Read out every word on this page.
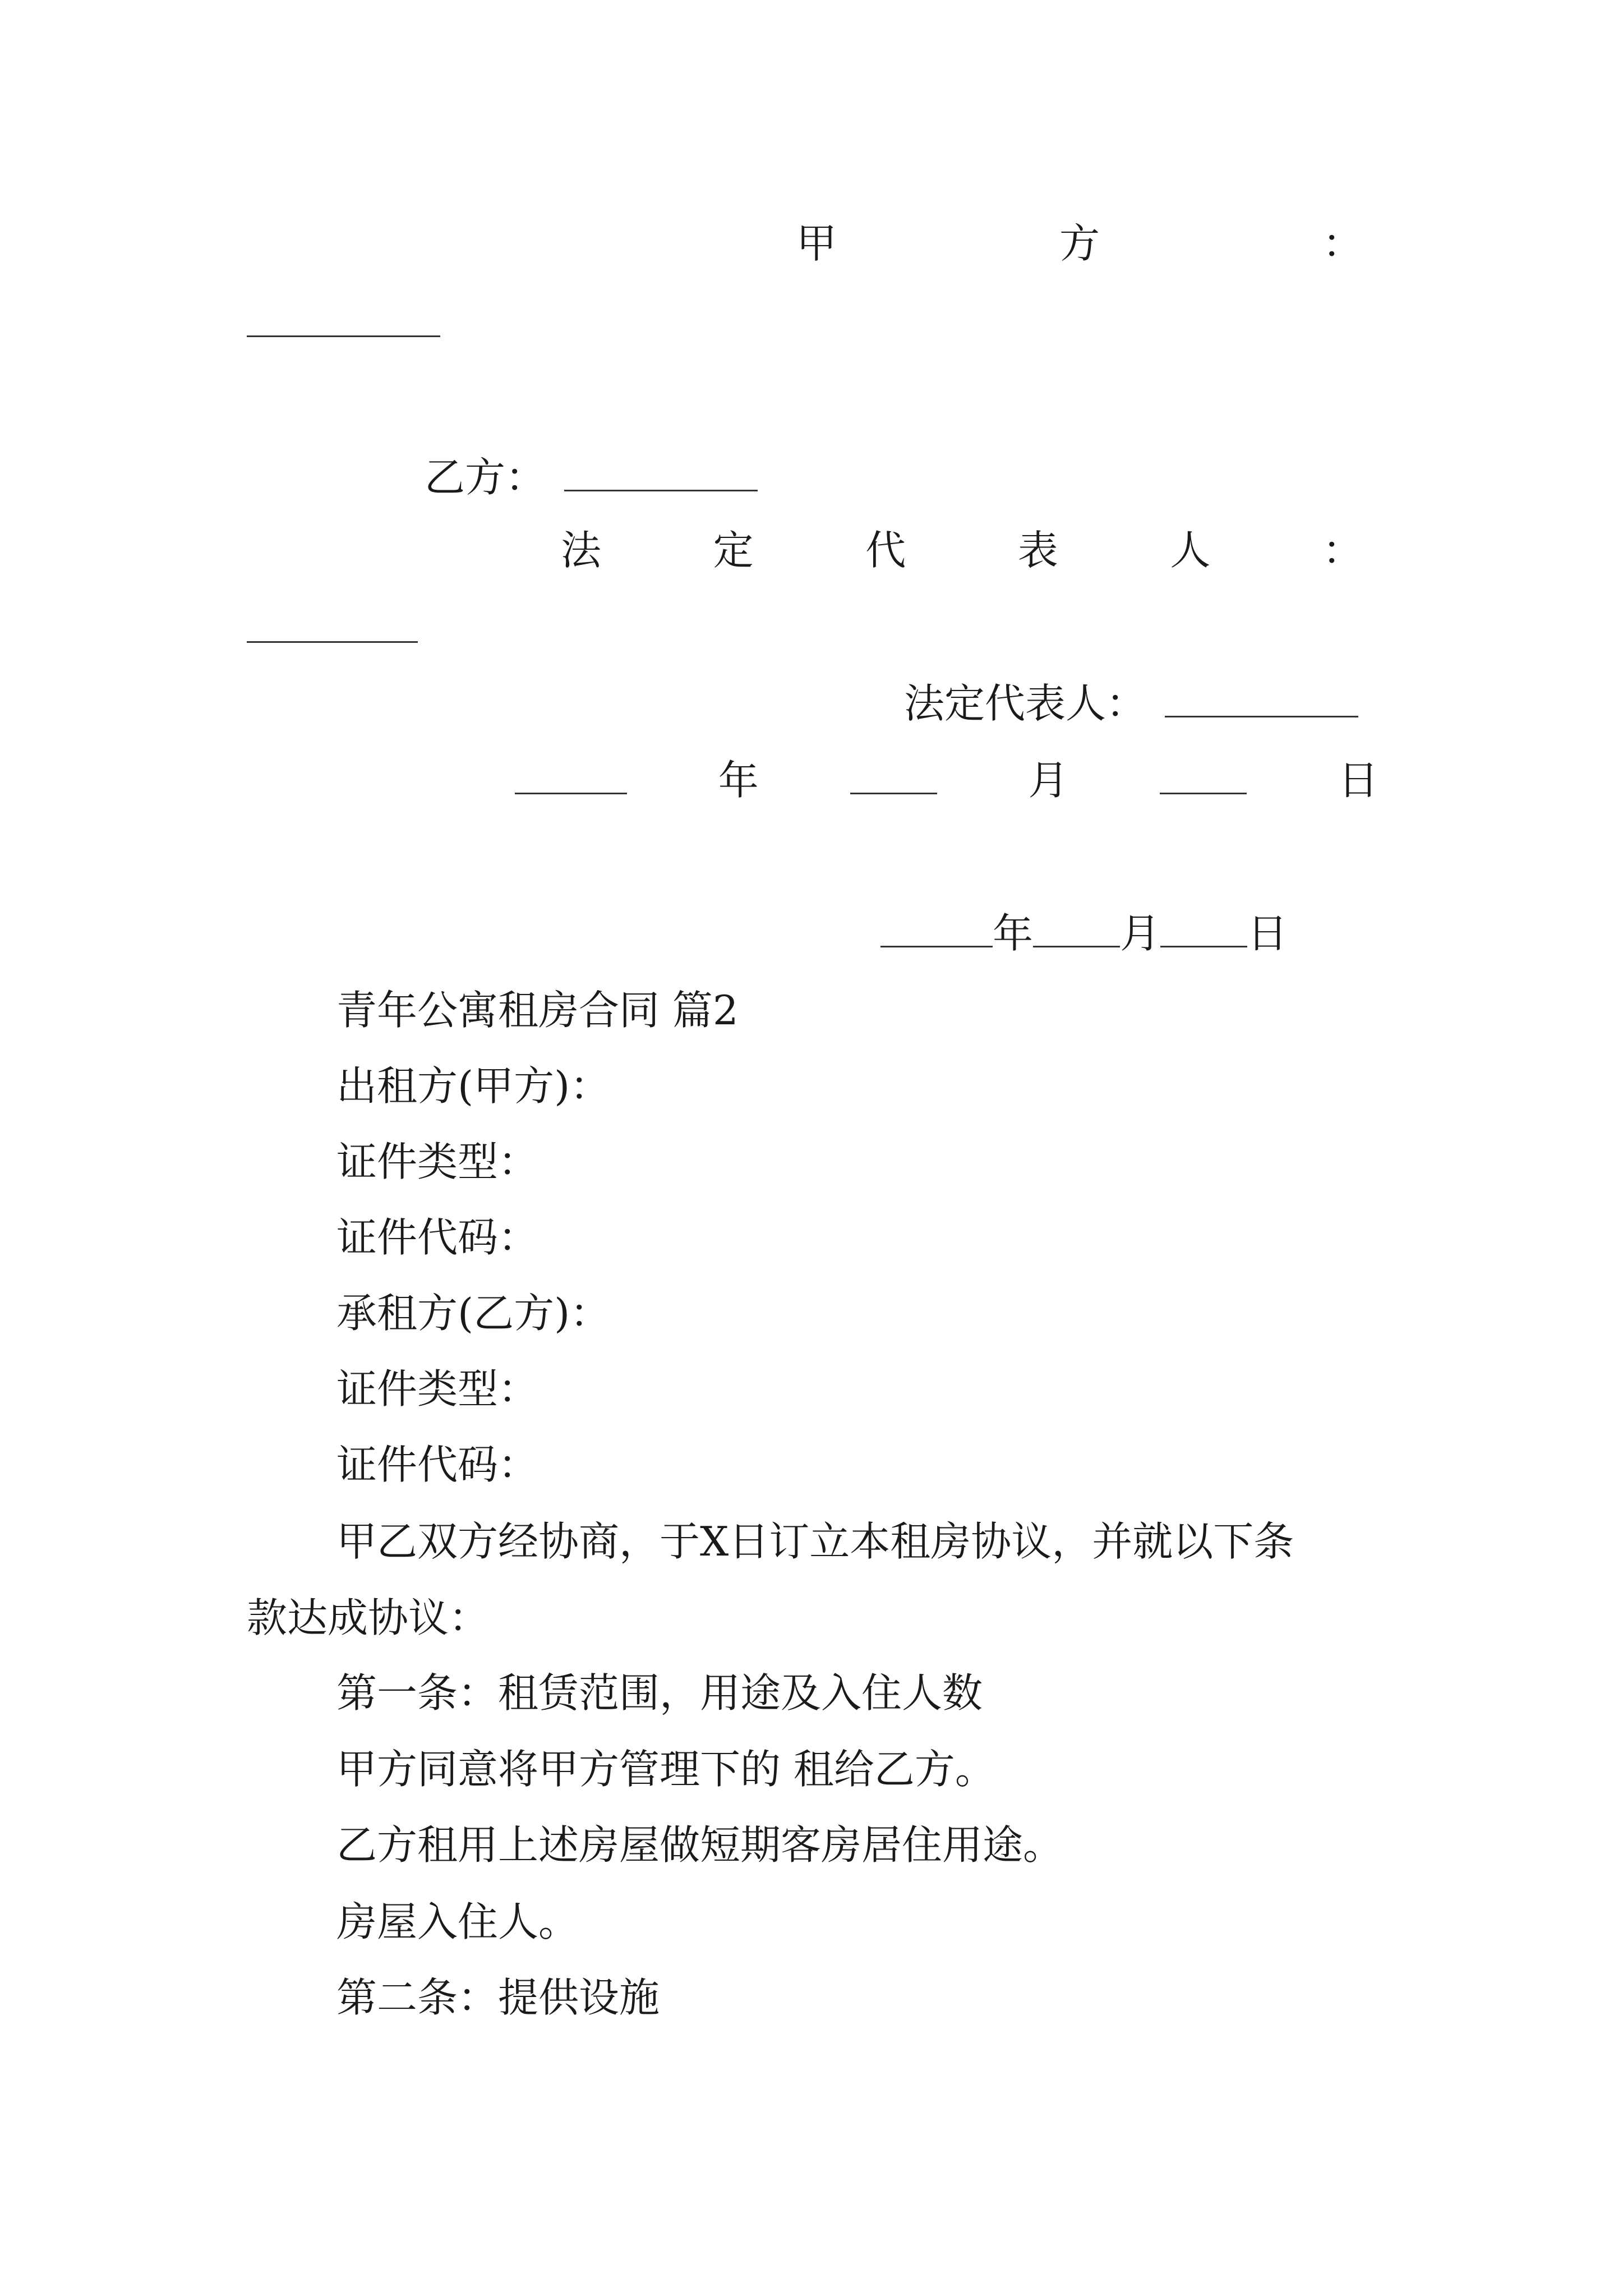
甲	方	：
乙方：
法	定	代	表	人	：
法定代表人：
年	月	日
年 月 日
青年公寓租房合同 篇2
出租方(甲方)：
证件类型：
证件代码：
承租方(乙方)：
证件类型：
证件代码：
甲乙双方经协商，于X日订立本租房协议，并就以下条
款达成协议：
第一条：租赁范围，用途及入住人数
甲方同意将甲方管理下的 租给乙方。
乙方租用上述房屋做短期客房居住用途。
房屋入住人。
第二条：提供设施
